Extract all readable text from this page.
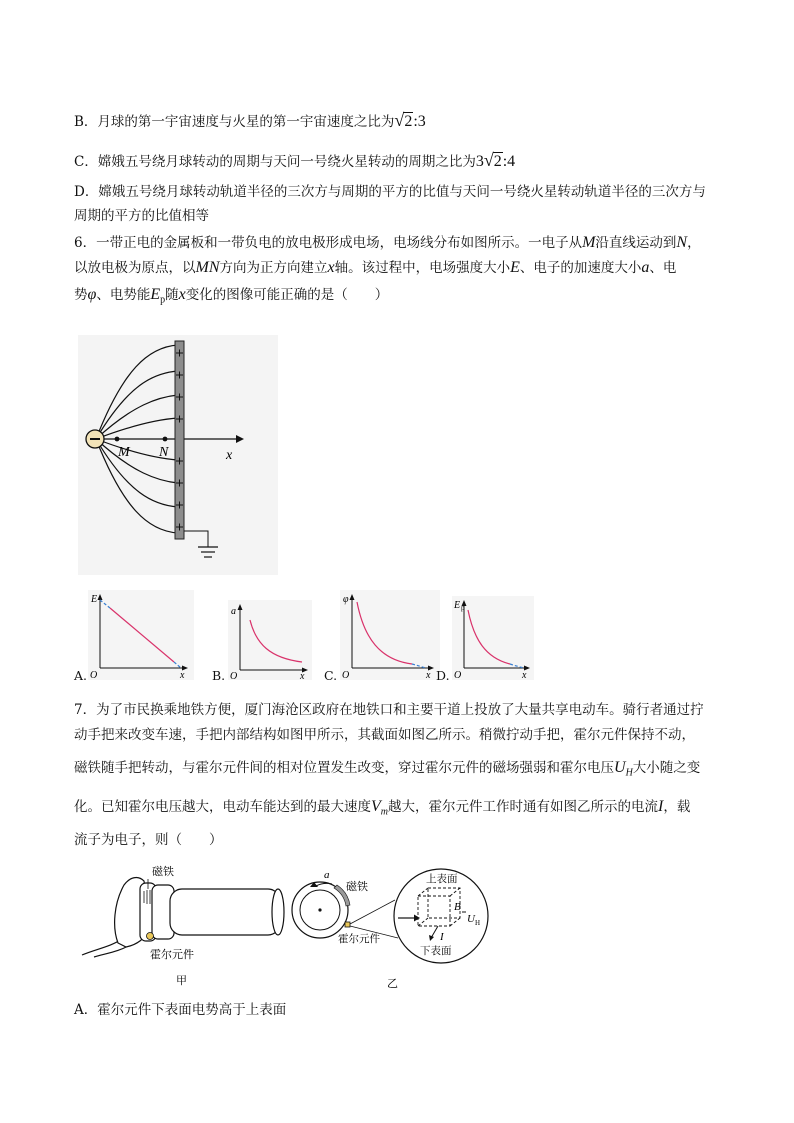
B．月球的第一宇宙速度与火星的第一宇宙速度之比为√2:3
C．嫦娥五号绕月球转动的周期与天问一号绕火星转动的周期之比为3√2:4
D．嫦娥五号绕月球转动轨道半径的三次方与周期的平方的比值与天问一号绕火星转动轨道半径的三次方与
周期的平方的比值相等
6．一带正电的金属板和一带负电的放电极形成电场，电场线分布如图所示。一电子从M沿直线运动到N，
以放电极为原点，以MN方向为正方向建立x轴。该过程中，电场强度大小E、电子的加速度大小a、电
势φ、电势能$E_p$随x变化的图像可能正确的是（　　）
M N	x
E
O	x
A.
a
O	x
B.
φ
O	x
C.
E p
O	x
D.
7．为了市民换乘地铁方便，厦门海沧区政府在地铁口和主要干道上投放了大量共享电动车。骑行者通过拧
动手把来改变车速，手把内部结构如图甲所示，其截面如图乙所示。稍微拧动手把，霍尔元件保持不动，
磁铁随手把转动，与霍尔元件间的相对位置发生改变，穿过霍尔元件的磁场强弱和霍尔电压$U_H$大小随之变
化。已知霍尔电压越大，电动车能达到的最大速度$V_m$越大，霍尔元件工作时通有如图乙所示的电流I，载
流子为电子，则（　　）
磁铁
霍尔元件
甲
a
磁铁
霍尔元件
上表面
下表面
B
U H
I
乙
A．霍尔元件下表面电势高于上表面
